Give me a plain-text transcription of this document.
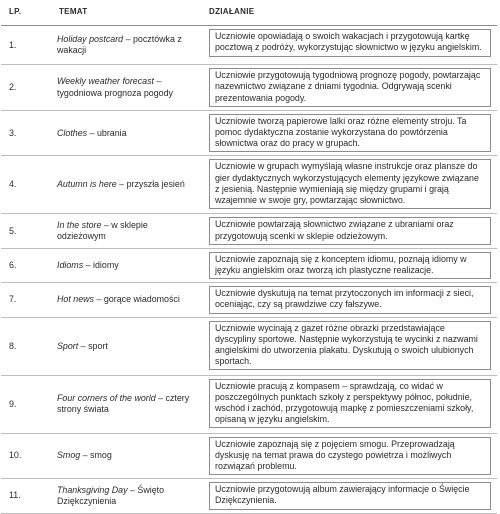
LP.	TEMAT	DZIAŁANIE
1.	Holiday postcard – pocztówka z wakacji	Uczniowie opowiadają o swoich wakacjach i przygotowują kartkę pocztową z podróży, wykorzystując słownictwo w języku angielskim.

2.	Weekly weather forecast – tygodniowa prognoza pogody	Uczniowie przygotowują tygodniową prognozę pogody, powtarzając nazewnictwo związane z dniami tygodnia. Odgrywają scenki prezentowania pogody.

3.	Clothes – ubrania	Uczniowie tworzą papierowe lalki oraz różne elementy stroju. Ta pomoc dydaktyczna zostanie wykorzystana do powtórzenia słownictwa oraz do pracy w grupach.

4.	Autumn is here – przyszła jesień	Uczniowie w grupach wymyślają własne instrukcje oraz plansze do gier dydaktycznych wykorzystujących elementy językowe związane z jesienią. Następnie wymieniają się między grupami i grają wzajemnie w swoje gry, powtarzając słownictwo.

5.	In the store – w sklepie odzieżowym	Uczniowie powtarzają słownictwo związane z ubraniami oraz przygotowują scenki w sklepie odzieżowym.

6.	Idioms – idiomy	Uczniowie zapoznają się z konceptem idiomu, poznają idiomy w języku angielskim oraz tworzą ich plastyczne realizacje.

7.	Hot news – gorące wiadomości	Uczniowie dyskutują na temat przytoczonych im informacji z sieci, oceniając, czy są prawdziwe czy fałszywe.

8.	Sport – sport	Uczniowie wycinają z gazet różne obrazki przedstawiające dyscypliny sportowe. Następnie wykorzystują te wycinki z nazwami angielskimi do utworzenia plakatu. Dyskutują o swoich ulubionych sportach.

9.	Four corners of the world – cztery strony świata	Uczniowie pracują z kompasem – sprawdzają, co widać w poszczególnych punktach szkoły z perspektywy północ, południe, wschód i zachód, przygotowują mapkę z pomieszczeniami szkoły, opisaną w języku angielskim.

10.	Smog – smog	Uczniowie zapoznają się z pojęciem smogu. Przeprowadzają dyskusję na temat prawa do czystego powietrza i możliwych rozwiązań problemu.

11.	Thanksgiving Day – Święto Dziękczynienia	Uczniowie przygotowują album zawierający informacje o Święcie Dziękczynienia.
